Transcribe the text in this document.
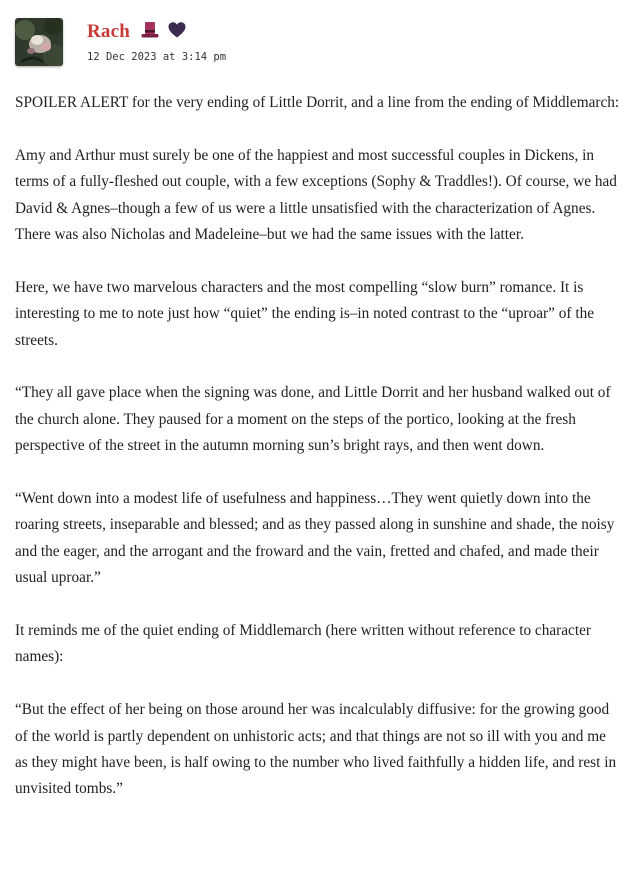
Rach
12 Dec 2023 at 3:14 pm

SPOILER ALERT for the very ending of Little Dorrit, and a line from the ending of Middlemarch:

Amy and Arthur must surely be one of the happiest and most successful couples in Dickens, in terms of a fully-fleshed out couple, with a few exceptions (Sophy & Traddles!). Of course, we had David & Agnes–though a few of us were a little unsatisfied with the characterization of Agnes. There was also Nicholas and Madeleine–but we had the same issues with the latter.

Here, we have two marvelous characters and the most compelling “slow burn” romance. It is interesting to me to note just how “quiet” the ending is–in noted contrast to the “uproar” of the streets.

“They all gave place when the signing was done, and Little Dorrit and her husband walked out of the church alone. They paused for a moment on the steps of the portico, looking at the fresh perspective of the street in the autumn morning sun’s bright rays, and then went down.

“Went down into a modest life of usefulness and happiness…They went quietly down into the roaring streets, inseparable and blessed; and as they passed along in sunshine and shade, the noisy and the eager, and the arrogant and the froward and the vain, fretted and chafed, and made their usual uproar.”

It reminds me of the quiet ending of Middlemarch (here written without reference to character names):

“But the effect of her being on those around her was incalculably diffusive: for the growing good of the world is partly dependent on unhistoric acts; and that things are not so ill with you and me as they might have been, is half owing to the number who lived faithfully a hidden life, and rest in unvisited tombs.”
